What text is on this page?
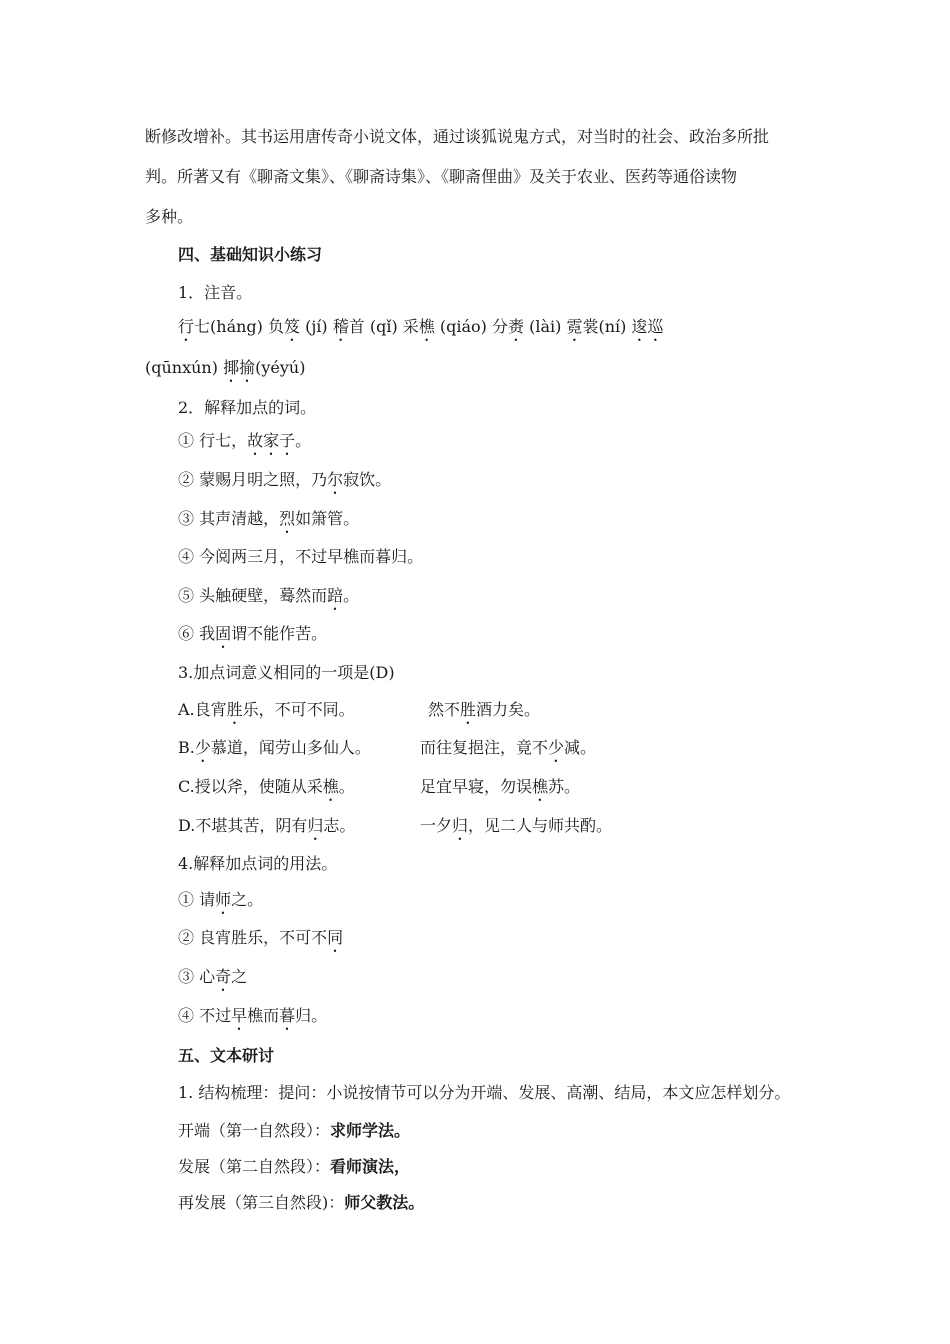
断修改增补。其书运用唐传奇小说文体，通过谈狐说鬼方式，对当时的社会、政治多所批
判。所著又有《聊斋文集》、《聊斋诗集》、《聊斋俚曲》及关于农业、医药等通俗读物
多种。
四、基础知识小练习
1．注音。
行七(háng) 负笈 (jí) 稽首 (qǐ) 采樵 (qiáo) 分赉 (lài) 霓裳(ní) 逡巡
(qūnxún) 揶揄(yéyú)
2．解释加点的词。
① 行七，故家子。
② 蒙赐月明之照，乃尔寂饮。
③ 其声清越，烈如箫管。
④ 今阅两三月，不过早樵而暮归。
⑤ 头触硬壁，蓦然而踣。
⑥ 我固谓不能作苦。
3.加点词意义相同的一项是(D)
A.良宵胜乐，不可不同。	然不胜酒力矣。
B.少慕道，闻劳山多仙人。	而往复挹注，竟不少减。
C.授以斧，使随从采樵。	足宜早寝，勿误樵苏。
D.不堪其苦，阴有归志。	一夕归，见二人与师共酌。
4.解释加点词的用法。
① 请师之。
② 良宵胜乐，不可不同
③ 心奇之
④ 不过早樵而暮归。
五、文本研讨
1. 结构梳理：提问：小说按情节可以分为开端、发展、高潮、结局，本文应怎样划分。
开端（第一自然段）：求师学法。
发展（第二自然段）：看师演法，
再发展（第三自然段)：师父教法。
